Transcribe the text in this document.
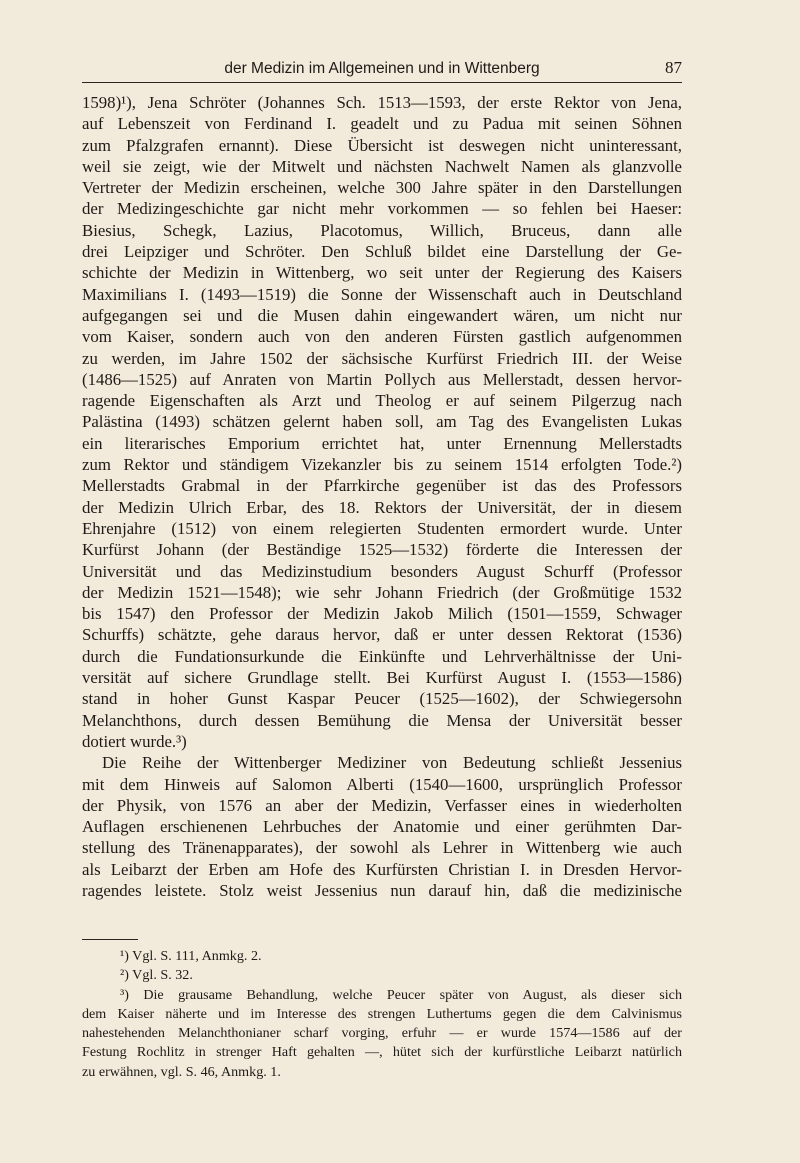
der Medizin im Allgemeinen und in Wittenberg	87
1598)¹), Jena Schröter (Johannes Sch. 1513—1593, der erste Rektor von Jena,
auf Lebenszeit von Ferdinand I. geadelt und zu Padua mit seinen Söhnen
zum Pfalzgrafen ernannt). Diese Übersicht ist deswegen nicht uninteressant,
weil sie zeigt, wie der Mitwelt und nächsten Nachwelt Namen als glanzvolle
Vertreter der Medizin erscheinen, welche 300 Jahre später in den Darstellungen
der Medizingeschichte gar nicht mehr vorkommen — so fehlen bei Haeser:
Biesius, Schegk, Lazius, Placotomus, Willich, Bruceus, dann alle
drei Leipziger und Schröter. Den Schluß bildet eine Darstellung der Ge-
schichte der Medizin in Wittenberg, wo seit unter der Regierung des Kaisers
Maximilians I. (1493—1519) die Sonne der Wissenschaft auch in Deutschland
aufgegangen sei und die Musen dahin eingewandert wären, um nicht nur
vom Kaiser, sondern auch von den anderen Fürsten gastlich aufgenommen
zu werden, im Jahre 1502 der sächsische Kurfürst Friedrich III. der Weise
(1486—1525) auf Anraten von Martin Pollych aus Mellerstadt, dessen hervor-
ragende Eigenschaften als Arzt und Theolog er auf seinem Pilgerzug nach
Palästina (1493) schätzen gelernt haben soll, am Tag des Evangelisten Lukas
ein literarisches Emporium errichtet hat, unter Ernennung Mellerstadts
zum Rektor und ständigem Vizekanzler bis zu seinem 1514 erfolgten Tode.²)
Mellerstadts Grabmal in der Pfarrkirche gegenüber ist das des Professors
der Medizin Ulrich Erbar, des 18. Rektors der Universität, der in diesem
Ehrenjahre (1512) von einem relegierten Studenten ermordert wurde. Unter
Kurfürst Johann (der Beständige 1525—1532) förderte die Interessen der
Universität und das Medizinstudium besonders August Schurff (Professor
der Medizin 1521—1548); wie sehr Johann Friedrich (der Großmütige 1532
bis 1547) den Professor der Medizin Jakob Milich (1501—1559, Schwager
Schurffs) schätzte, gehe daraus hervor, daß er unter dessen Rektorat (1536)
durch die Fundationsurkunde die Einkünfte und Lehrverhältnisse der Uni-
versität auf sichere Grundlage stellt. Bei Kurfürst August I. (1553—1586)
stand in hoher Gunst Kaspar Peucer (1525—1602), der Schwiegersohn
Melanchthons, durch dessen Bemühung die Mensa der Universität besser
dotiert wurde.³)
Die Reihe der Wittenberger Mediziner von Bedeutung schließt Jessenius
mit dem Hinweis auf Salomon Alberti (1540—1600, ursprünglich Professor
der Physik, von 1576 an aber der Medizin, Verfasser eines in wiederholten
Auflagen erschienenen Lehrbuches der Anatomie und einer gerühmten Dar-
stellung des Tränenapparates), der sowohl als Lehrer in Wittenberg wie auch
als Leibarzt der Erben am Hofe des Kurfürsten Christian I. in Dresden Hervor-
ragendes leistete. Stolz weist Jessenius nun darauf hin, daß die medizinische
¹) Vgl. S. 111, Anmkg. 2.
²) Vgl. S. 32.
³) Die grausame Behandlung, welche Peucer später von August, als dieser sich
dem Kaiser näherte und im Interesse des strengen Luthertums gegen die dem Calvinismus
nahestehenden Melanchthonianer scharf vorging, erfuhr — er wurde 1574—1586 auf der
Festung Rochlitz in strenger Haft gehalten —, hütet sich der kurfürstliche Leibarzt natürlich
zu erwähnen, vgl. S. 46, Anmkg. 1.
